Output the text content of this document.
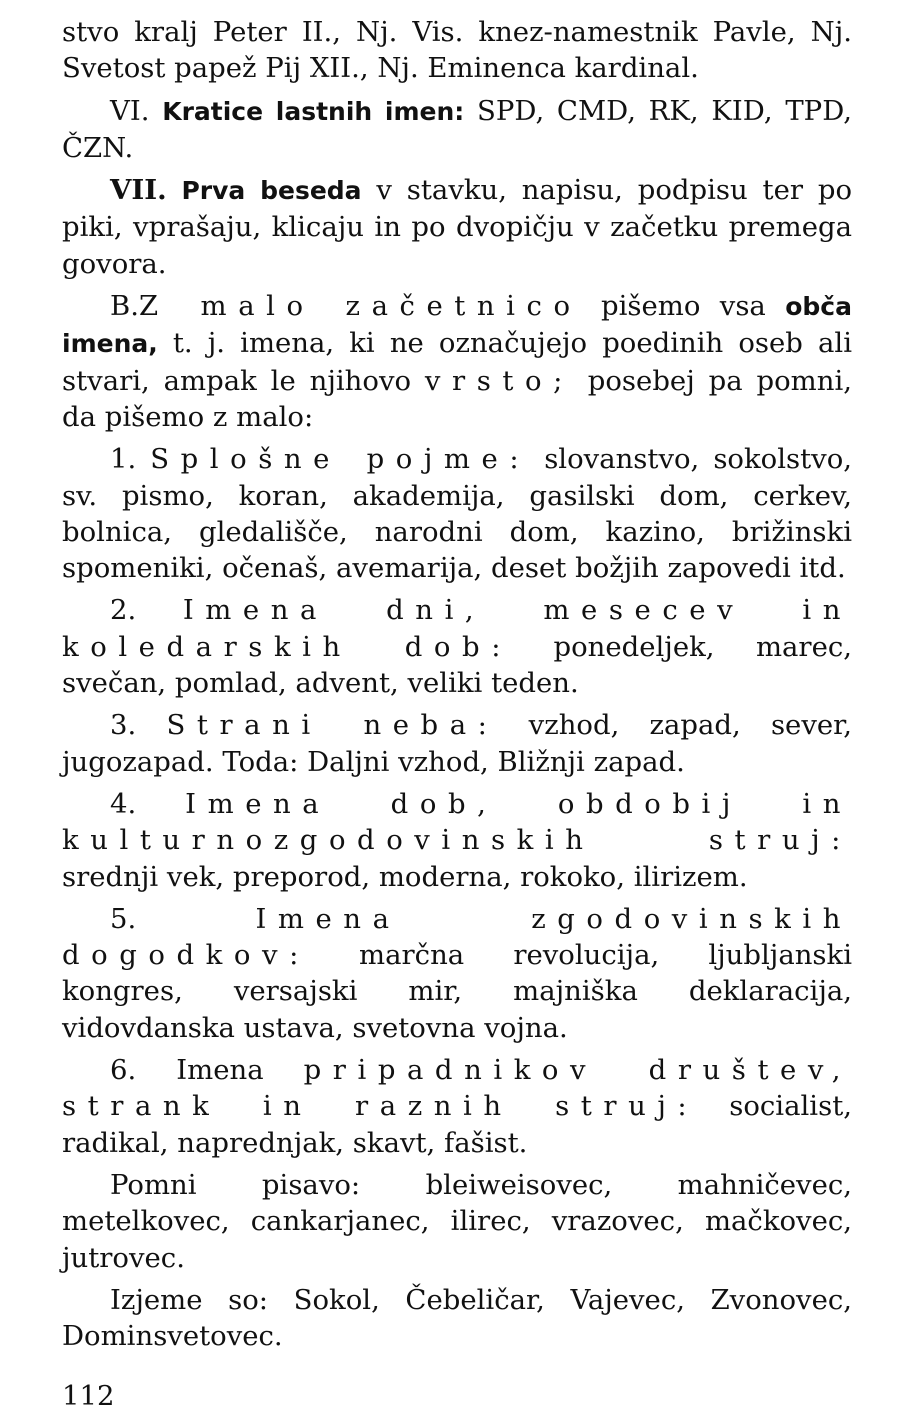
stvo kralj Peter II., Nj. Vis. knez-namestnik Pavle, Nj. Svetost papež Pij XII., Nj. Eminenca kardinal.

VI. Kratice lastnih imen: SPD, CMD, RK, KID, TPD, ČZN.

VII. Prva beseda v stavku, napisu, podpisu ter po piki, vprašaju, klicaju in po dvopičju v začetku premega govora.

B.Z malo začetnico pišemo vsa obča imena, t. j. imena, ki ne označujejo poedinih oseb ali stvari, ampak le njihovo vrsto; posebej pa pomni, da pišemo z malo:

1. Splošne pojme: slovanstvo, sokolstvo, sv. pismo, koran, akademija, gasilski dom, cerkev, bolnica, gledališče, narodni dom, kazino, brižinski spomeniki, očenaš, avemarija, deset božjih zapovedi itd.

2. Imena dni, mesecev in koledarskih dob: ponedeljek, marec, svečan, pomlad, advent, veliki teden.

3. Strani neba: vzhod, zapad, sever, jugozapad. Toda: Daljni vzhod, Bližnji zapad.

4. Imena dob, obdobij in kulturnozgodovinskih struj: srednji vek, preporod, moderna, rokoko, ilirizem.

5.	Imena zgodovinskih dogodkov: marčna revolucija, ljubljanski kongres, versajski mir, majniška deklaracija, vidovdanska ustava, svetovna vojna.

6. Imena pripadnikov društev, strank in raznih struj: socialist, radikal, naprednjak, skavt, fašist.

Pomni pisavo: bleiweisovec, mahničevec, metelkovec, cankarjanec, ilirec, vrazovec, mačkovec, jutrovec.

Izjeme so: Sokol, Čebeličar, Vajevec, Zvonovec, Dominsvetovec.

112
